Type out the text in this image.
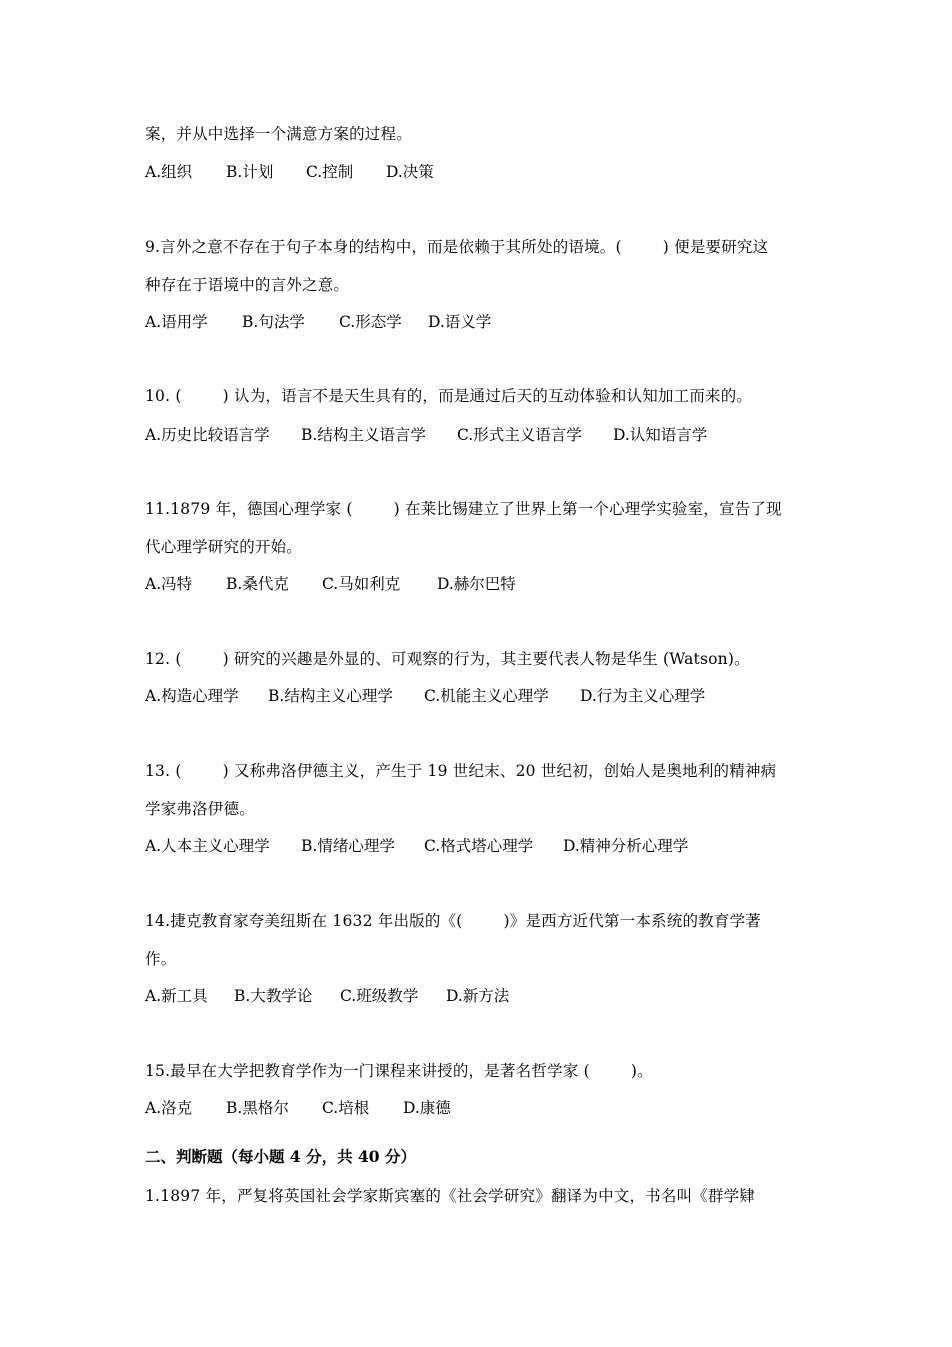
案，并从中选择一个满意方案的过程。
A.组织 B.计划 C.控制 D.决策
9.言外之意不存在于句子本身的结构中，而是依赖于其所处的语境。(        ) 便是要研究这
种存在于语境中的言外之意。
A.语用学 B.句法学 C.形态学 D.语义学
10. (        ) 认为，语言不是天生具有的，而是通过后天的互动体验和认知加工而来的。
A.历史比较语言学 B.结构主义语言学 C.形式主义语言学 D.认知语言学
11.1879 年，德国心理学家 (        ) 在莱比锡建立了世界上第一个心理学实验室，宣告了现
代心理学研究的开始。
A.冯特 B.桑代克 C.马如利克 D.赫尔巴特
12. (        ) 研究的兴趣是外显的、可观察的行为，其主要代表人物是华生 (Watson)。
A.构造心理学 B.结构主义心理学 C.机能主义心理学 D.行为主义心理学
13. (        ) 又称弗洛伊德主义，产生于 19 世纪末、20 世纪初，创始人是奥地利的精神病
学家弗洛伊德。
A.人本主义心理学 B.情绪心理学 C.格式塔心理学 D.精神分析心理学
14.捷克教育家夸美纽斯在 1632 年出版的《(        )》是西方近代第一本系统的教育学著
作。
A.新工具 B.大教学论 C.班级教学 D.新方法
15.最早在大学把教育学作为一门课程来讲授的，是著名哲学家 (        )。
A.洛克 B.黑格尔 C.培根 D.康德
二、判断题（每小题 4 分，共 40 分）
1.1897 年，严复将英国社会学家斯宾塞的《社会学研究》翻译为中文，书名叫《群学肄
